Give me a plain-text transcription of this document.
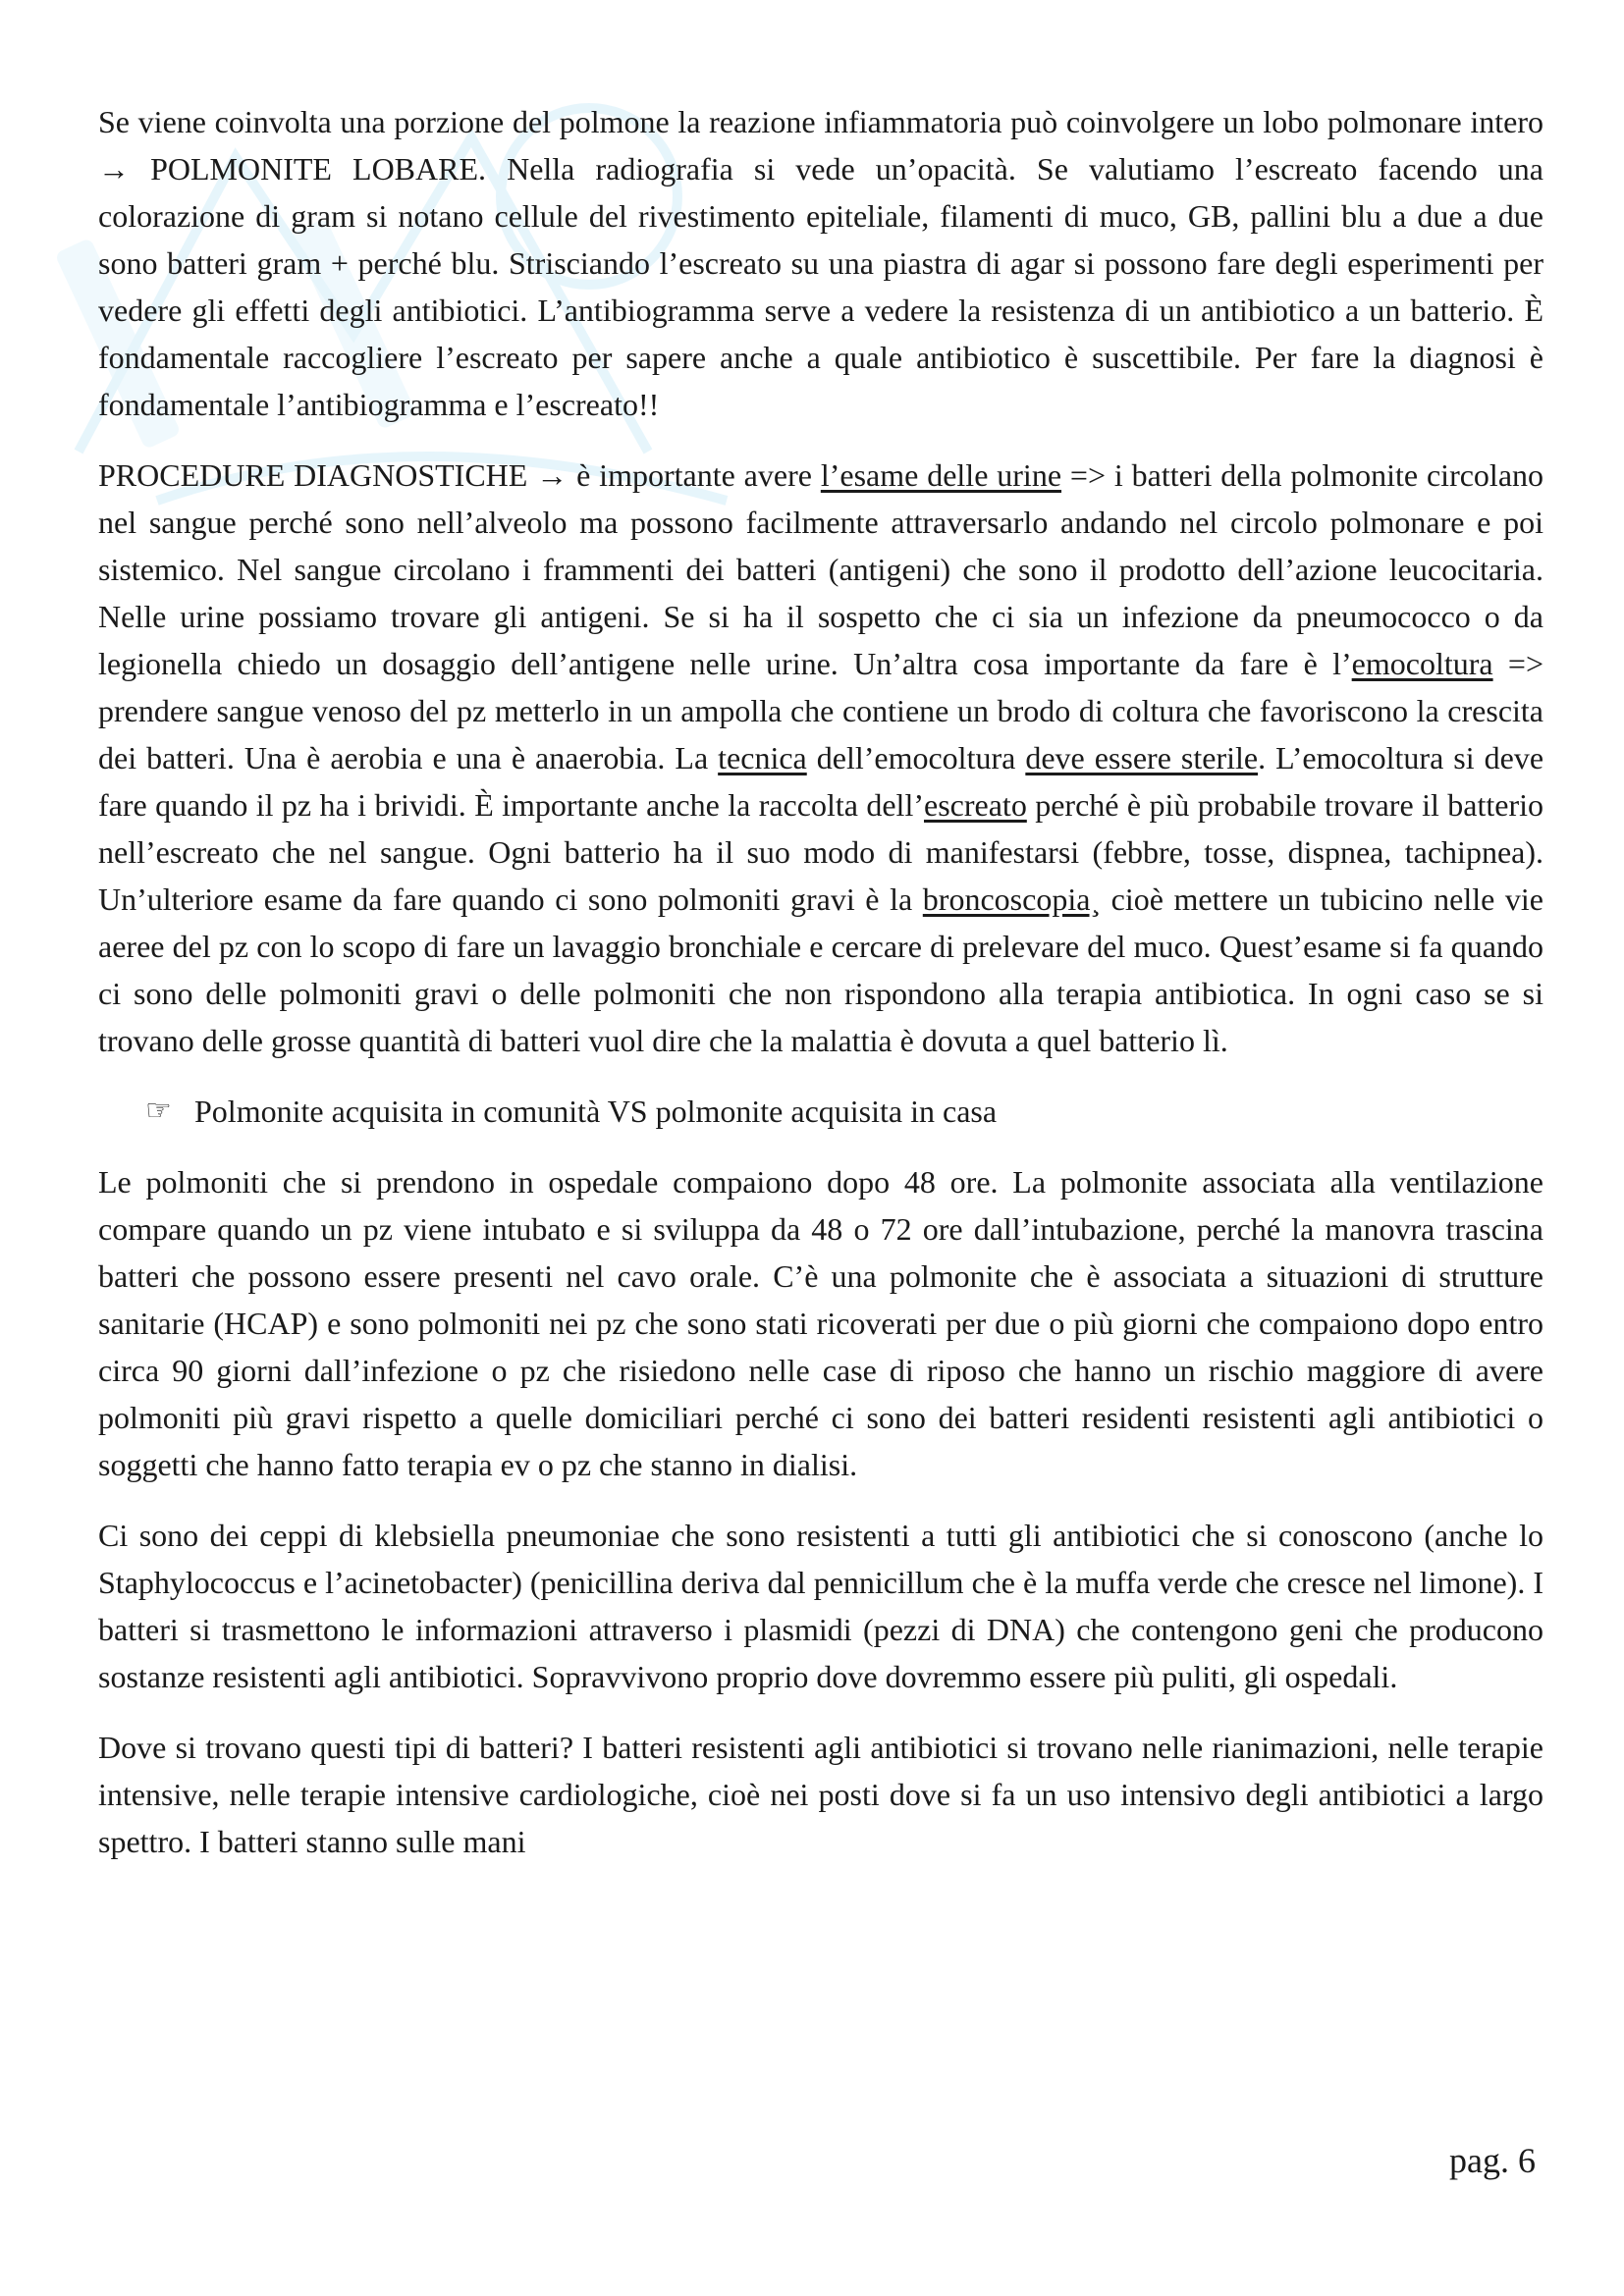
Se viene coinvolta una porzione del polmone la reazione infiammatoria può coinvolgere un lobo polmonare intero → POLMONITE LOBARE. Nella radiografia si vede un’opacità. Se valutiamo l’escreato facendo una colorazione di gram si notano cellule del rivestimento epiteliale, filamenti di muco, GB, pallini blu a due a due sono batteri gram + perché blu. Strisciando l’escreato su una piastra di agar si possono fare degli esperimenti per vedere gli effetti degli antibiotici. L’antibiogramma serve a vedere la resistenza di un antibiotico a un batterio. È fondamentale raccogliere l’escreato per sapere anche a quale antibiotico è suscettibile. Per fare la diagnosi è fondamentale l’antibiogramma e l’escreato!!

PROCEDURE DIAGNOSTICHE → è importante avere l’esame delle urine => i batteri della polmonite circolano nel sangue perché sono nell’alveolo ma possono facilmente attraversarlo andando nel circolo polmonare e poi sistemico. Nel sangue circolano i frammenti dei batteri (antigeni) che sono il prodotto dell’azione leucocitaria. Nelle urine possiamo trovare gli antigeni. Se si ha il sospetto che ci sia un infezione da pneumococco o da legionella chiedo un dosaggio dell’antigene nelle urine. Un’altra cosa importante da fare è l’emocoltura => prendere sangue venoso del pz metterlo in un ampolla che contiene un brodo di coltura che favoriscono la crescita dei batteri. Una è aerobia e una è anaerobia. La tecnica dell’emocoltura deve essere sterile. L’emocoltura si deve fare quando il pz ha i brividi. È importante anche la raccolta dell’escreato perché è più probabile trovare il batterio nell’escreato che nel sangue. Ogni batterio ha il suo modo di manifestarsi (febbre, tosse, dispnea, tachipnea). Un’ulteriore esame da fare quando ci sono polmoniti gravi è la broncoscopia¸ cioè mettere un tubicino nelle vie aeree del pz con lo scopo di fare un lavaggio bronchiale e cercare di prelevare del muco. Quest’esame si fa quando ci sono delle polmoniti gravi o delle polmoniti che non rispondono alla terapia antibiotica. In ogni caso se si trovano delle grosse quantità di batteri vuol dire che la malattia è dovuta a quel batterio lì.

☞ Polmonite acquisita in comunità VS polmonite acquisita in casa

Le polmoniti che si prendono in ospedale compaiono dopo 48 ore. La polmonite associata alla ventilazione compare quando un pz viene intubato e si sviluppa da 48 o 72 ore dall’intubazione, perché la manovra trascina batteri che possono essere presenti nel cavo orale. C’è una polmonite che è associata a situazioni di strutture sanitarie (HCAP) e sono polmoniti nei pz che sono stati ricoverati per due o più giorni che compaiono dopo entro circa 90 giorni dall’infezione o pz che risiedono nelle case di riposo che hanno un rischio maggiore di avere polmoniti più gravi rispetto a quelle domiciliari perché ci sono dei batteri residenti resistenti agli antibiotici o soggetti che hanno fatto terapia ev o pz che stanno in dialisi.

Ci sono dei ceppi di klebsiella pneumoniae che sono resistenti a tutti gli antibiotici che si conoscono (anche lo Staphylococcus e l’acinetobacter) (penicillina deriva dal pennicillum che è la muffa verde che cresce nel limone). I batteri si trasmettono le informazioni attraverso i plasmidi (pezzi di DNA) che contengono geni che producono sostanze resistenti agli antibiotici. Sopravvivono proprio dove dovremmo essere più puliti, gli ospedali.

Dove si trovano questi tipi di batteri? I batteri resistenti agli antibiotici si trovano nelle rianimazioni, nelle terapie intensive, nelle terapie intensive cardiologiche, cioè nei posti dove si fa un uso intensivo degli antibiotici a largo spettro. I batteri stanno sulle mani

pag. 6
